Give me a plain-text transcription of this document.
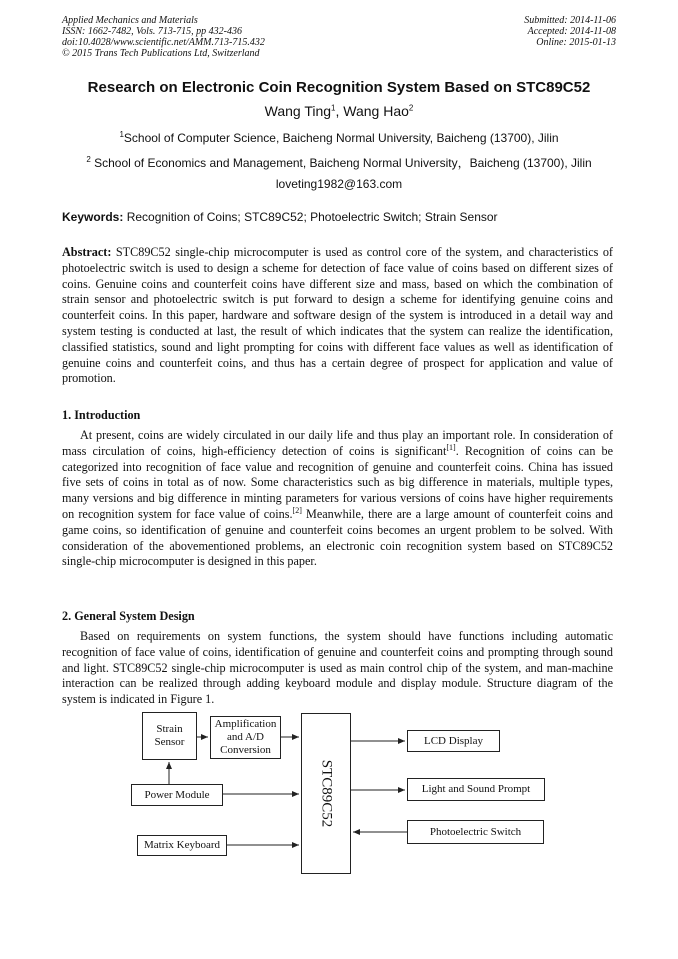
Applied Mechanics and Materials
ISSN: 1662-7482, Vols. 713-715, pp 432-436
doi:10.4028/www.scientific.net/AMM.713-715.432
© 2015 Trans Tech Publications Ltd, Switzerland
Submitted: 2014-11-06
Accepted: 2014-11-08
Online: 2015-01-13
Research on Electronic Coin Recognition System Based on STC89C52
Wang Ting$^1$, Wang Hao$^2$
$^1$School of Computer Science, Baicheng Normal University, Baicheng (13700), Jilin
$^2$ School of Economics and Management, Baicheng Normal University，Baicheng (13700), Jilin
loveting1982@163.com
Keywords: Recognition of Coins; STC89C52; Photoelectric Switch; Strain Sensor
Abstract: STC89C52 single-chip microcomputer is used as control core of the system, and characteristics of photoelectric switch is used to design a scheme for detection of face value of coins based on different sizes of coins. Genuine coins and counterfeit coins have different size and mass, based on which the combination of strain sensor and photoelectric switch is put forward to design a scheme for identifying genuine coins and counterfeit coins. In this paper, hardware and software design of the system is introduced in a detail way and system testing is conducted at last, the result of which indicates that the system can realize the identification, classified statistics, sound and light prompting for coins with different face values as well as identification of genuine coins and counterfeit coins, and thus has a certain degree of prospect for application and value of promotion.
1. Introduction
At present, coins are widely circulated in our daily life and thus play an important role. In consideration of mass circulation of coins, high-efficiency detection of coins is significant[1]. Recognition of coins can be categorized into recognition of face value and recognition of genuine and counterfeit coins. China has issued five sets of coins in total as of now. Some characteristics such as big difference in materials, multiple types, many versions and big difference in minting parameters for various versions of coins have higher requirements on recognition system for face value of coins.[2] Meanwhile, there are a large amount of counterfeit coins and game coins, so identification of genuine and counterfeit coins becomes an urgent problem to be solved. With consideration of the abovementioned problems, an electronic coin recognition system based on STC89C52 single-chip microcomputer is designed in this paper.
2. General System Design
Based on requirements on system functions, the system should have functions including automatic recognition of face value of coins, identification of genuine and counterfeit coins and prompting through sound and light. STC89C52 single-chip microcomputer is used as main control chip of the system, and man-machine interaction can be realized through adding keyboard module and display module. Structure diagram of the system is indicated in Figure 1.
Strain
Sensor
Amplification
and A/D
Conversion
Power Module
Matrix Keyboard
STC89C52
LCD Display
Light and Sound Prompt
Photoelectric Switch
